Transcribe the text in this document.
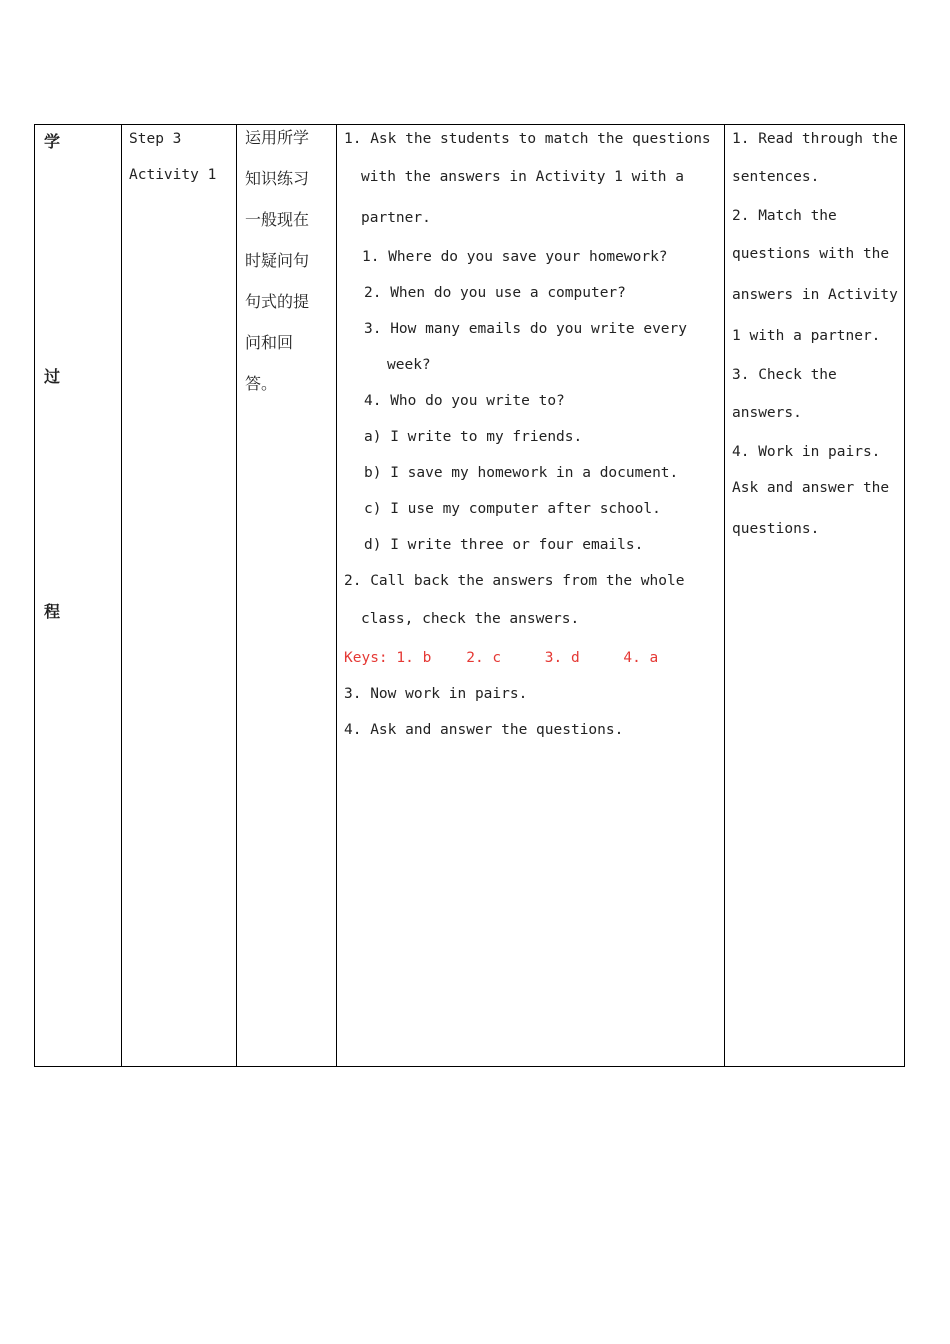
学
过
程
Step 3
Activity 1
运用所学
知识练习
一般现在
时疑问句
句式的提
问和回
答。
1. Ask the students to match the questions
with the answers in Activity 1 with a
partner.
1. Where do you save your homework?
2. When do you use a computer?
3. How many emails do you write every
week?
4. Who do you write to?
a) I write to my friends.
b) I save my homework in a document.
c) I use my computer after school.
d) I write three or four emails.
2. Call back the answers from the whole
class, check the answers.
Keys: 1. b    2. c     3. d     4. a
3. Now work in pairs.
4. Ask and answer the questions.
1. Read through the
sentences.
2. Match the
questions with the
answers in Activity
1 with a partner.
3. Check the
answers.
4. Work in pairs.
Ask and answer the
questions.
